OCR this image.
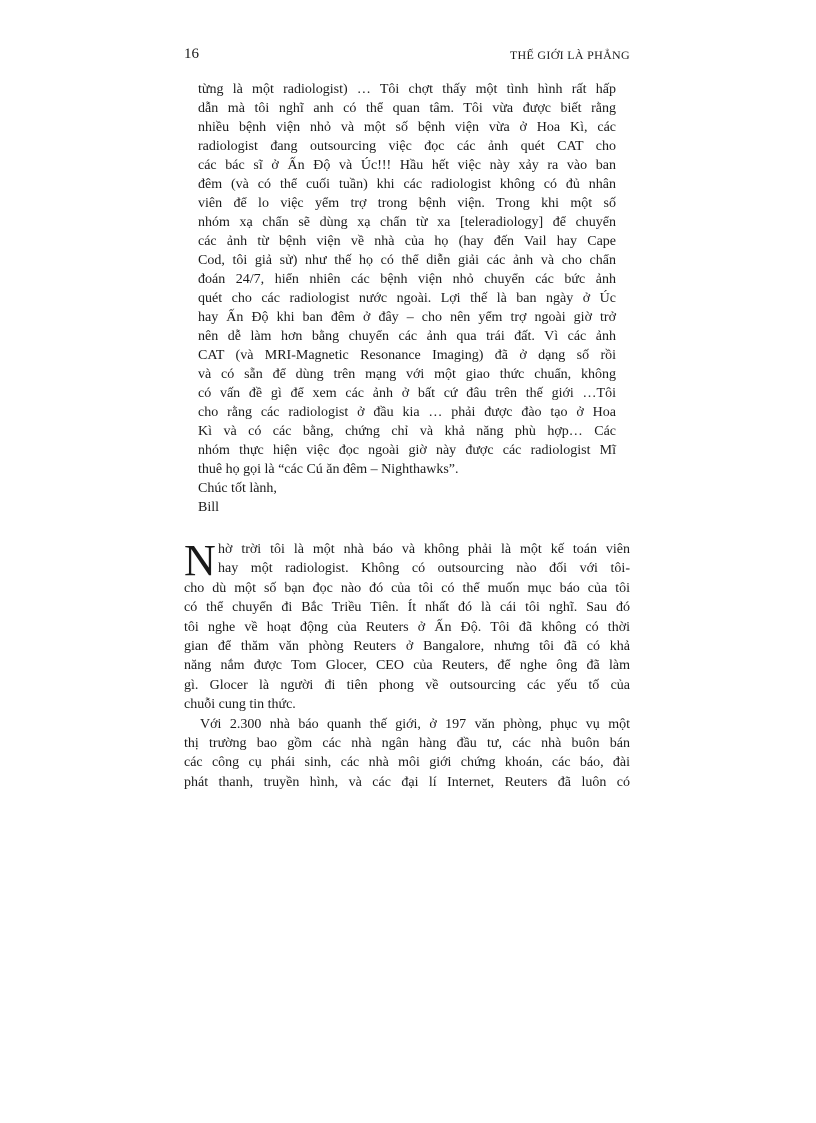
16	THẾ GIỚI LÀ PHẲNG
từng là một radiologist) … Tôi chợt thấy một tình hình rất hấp
dẫn mà tôi nghĩ anh có thể quan tâm. Tôi vừa được biết rằng
nhiều bệnh viện nhỏ và một số bệnh viện vừa ở Hoa Kì, các
radiologist đang outsourcing việc đọc các ảnh quét CAT cho
các bác sĩ ở Ấn Độ và Úc!!! Hầu hết việc này xảy ra vào ban
đêm (và có thể cuối tuần) khi các radiologist không có đủ nhân
viên để lo việc yểm trợ trong bệnh viện. Trong khi một số
nhóm xạ chẩn sẽ dùng xạ chẩn từ xa [teleradiology] để chuyển
các ảnh từ bệnh viện về nhà của họ (hay đến Vail hay Cape
Cod, tôi giả sử) như thế họ có thể diễn giải các ảnh và cho chẩn
đoán 24/7, hiển nhiên các bệnh viện nhỏ chuyển các bức ảnh
quét cho các radiologist nước ngoài. Lợi thế là ban ngày ở Úc
hay Ấn Độ khi ban đêm ở đây – cho nên yểm trợ ngoài giờ trở
nên dễ làm hơn bằng chuyển các ảnh qua trái đất. Vì các ảnh
CAT (và MRI-Magnetic Resonance Imaging) đã ở dạng số rồi
và có sẵn để dùng trên mạng với một giao thức chuẩn, không
có vấn đề gì để xem các ảnh ở bất cứ đâu trên thế giới …Tôi
cho rằng các radiologist ở đầu kia … phải được đào tạo ở Hoa
Kì và có các bằng, chứng chỉ và khả năng phù hợp… Các
nhóm thực hiện việc đọc ngoài giờ này được các radiologist Mĩ
thuê họ gọi là “các Cú ăn đêm – Nighthawks”.
Chúc tốt lành,
Bill
N hờ trời tôi là một nhà báo và không phải là một kế toán viên
hay một radiologist. Không có outsourcing nào đối với tôi-
cho dù một số bạn đọc nào đó của tôi có thể muốn mục báo của tôi
có thể chuyển đi Bắc Triều Tiên. Ít nhất đó là cái tôi nghĩ. Sau đó
tôi nghe về hoạt động của Reuters ở Ấn Độ. Tôi đã không có thời
gian để thăm văn phòng Reuters ở Bangalore, nhưng tôi đã có khả
năng nắm được Tom Glocer, CEO của Reuters, để nghe ông đã làm
gì. Glocer là người đi tiên phong về outsourcing các yếu tố của
chuỗi cung tin thức.
Với 2.300 nhà báo quanh thế giới, ở 197 văn phòng, phục vụ một
thị trường bao gồm các nhà ngân hàng đầu tư, các nhà buôn bán
các công cụ phái sinh, các nhà môi giới chứng khoán, các báo, đài
phát thanh, truyền hình, và các đại lí Internet, Reuters đã luôn có
